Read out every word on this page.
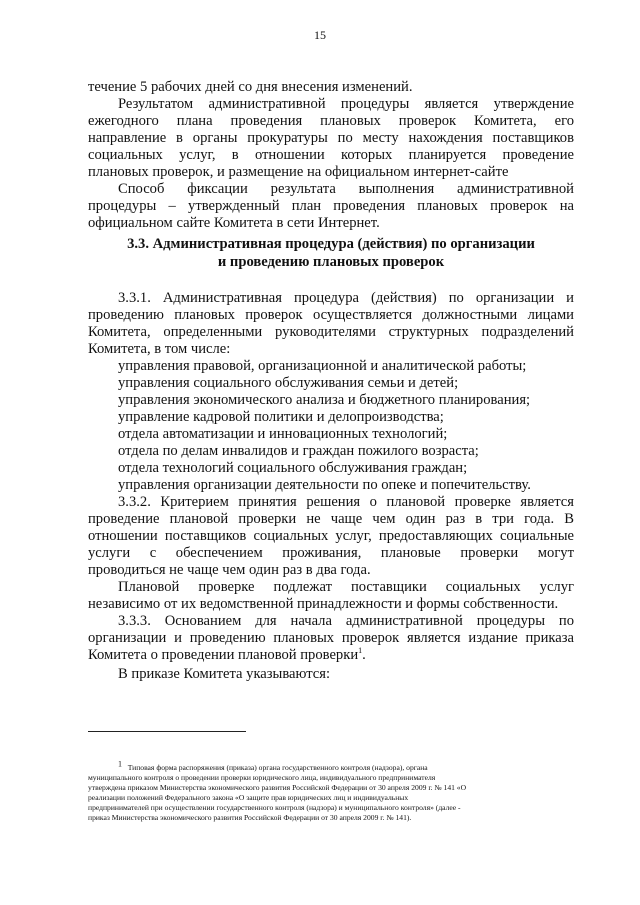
15

течение 5 рабочих дней со дня внесения изменений.

Результатом административной процедуры является утверждение

ежегодного плана проведения плановых проверок Комитета, его

направление в органы прокуратуры по месту нахождения поставщиков

социальных услуг, в отношении которых планируется проведение

плановых проверок, и размещение на официальном интернет-сайте

Способ фиксации результата выполнения административной

процедуры – утвержденный план проведения плановых проверок на

официальном сайте Комитета в сети Интернет.

3.3. Административная процедура (действия) по организации

и проведению плановых проверок

3.3.1. Административная процедура (действия) по организации и

проведению плановых проверок осуществляется должностными лицами

Комитета, определенными руководителями структурных подразделений

Комитета, в том числе:

управления правовой, организационной и аналитической работы;

управления социального обслуживания семьи и детей;

управления экономического анализа и бюджетного планирования;

управление кадровой политики и делопроизводства;

отдела автоматизации и инновационных технологий;

отдела по делам инвалидов и граждан пожилого возраста;

отдела технологий социального обслуживания граждан;

управления организации деятельности по опеке и попечительству.

3.3.2. Критерием принятия решения о плановой проверке является

проведение плановой проверки не чаще чем один раз в три года. В

отношении поставщиков социальных услуг, предоставляющих социальные

услуги с обеспечением проживания, плановые проверки могут

проводиться не чаще чем один раз в два года.

Плановой проверке подлежат поставщики социальных услуг

независимо от их ведомственной принадлежности и формы собственности.

3.3.3. Основанием для начала административной процедуры по

организации и проведению плановых проверок является издание приказа

Комитета о проведении плановой проверки$^1$.

В приказе Комитета указываются:

$^1$ Типовая форма распоряжения (приказа) органа государственного контроля (надзора), органа

муниципального контроля о проведении проверки юридического лица, индивидуального предпринимателя

утверждена приказом Министерства экономического развития Российской Федерации от 30 апреля 2009 г. № 141 «О

реализации положений Федерального закона «О защите прав юридических лиц и индивидуальных

предпринимателей при осуществлении государственного контроля (надзора) и муниципального контроля» (далее -

приказ Министерства экономического развития Российской Федерации от 30 апреля 2009 г. № 141).
